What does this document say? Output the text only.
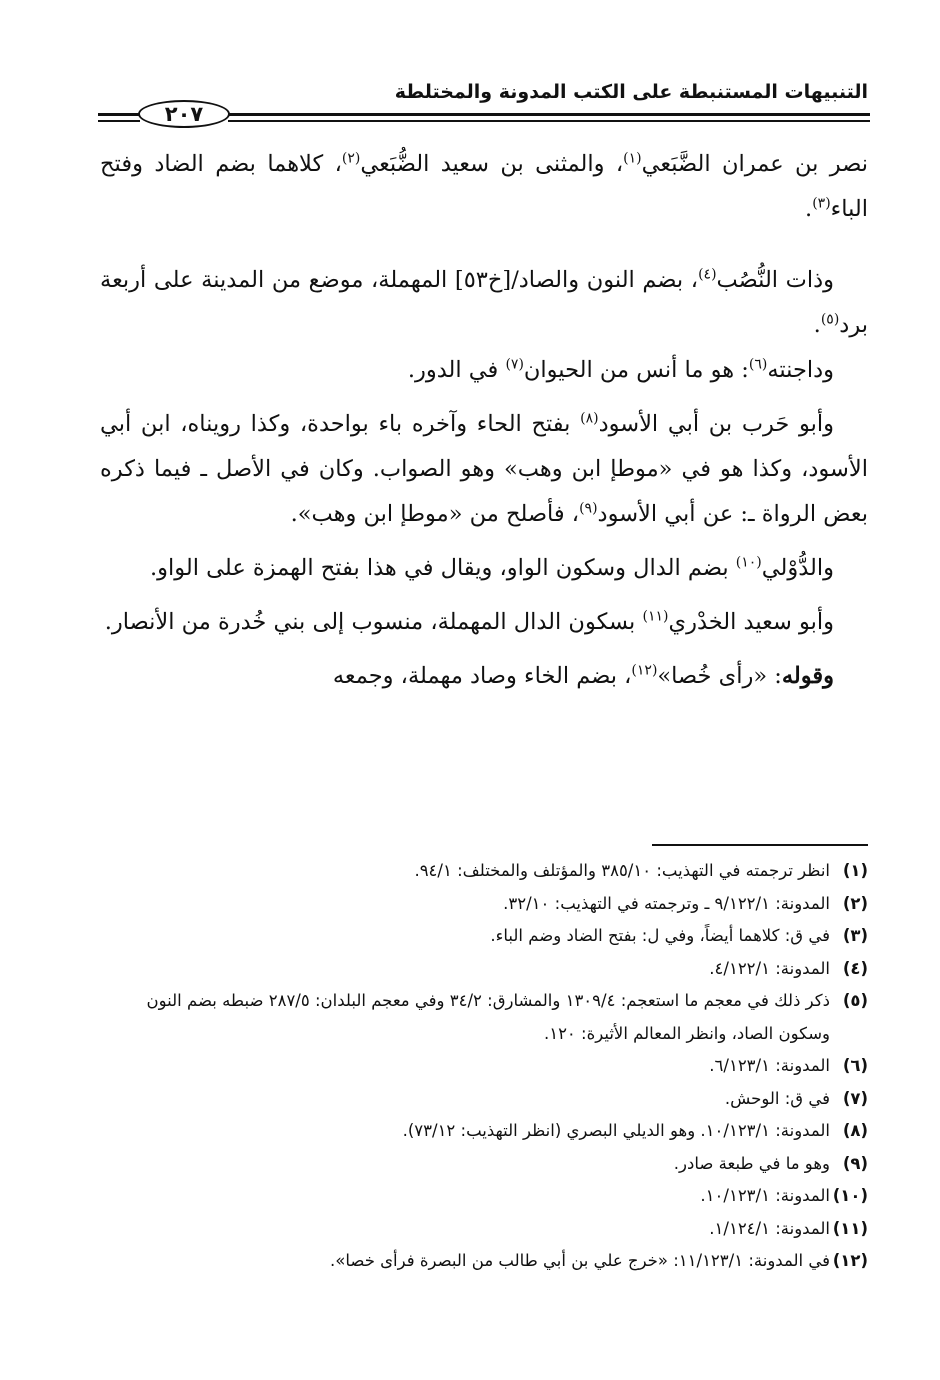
التنبيهات المستنبطة على الكتب المدونة والمختلطة
٢٠٧

نصر بن عمران الضَّبَعي$^{(١)}$، والمثنى بن سعيد الضُّبَعي$^{(٢)}$، كلاهما بضم الضاد وفتح الباء$^{(٣)}$.

وذات النُّصُب$^{(٤)}$، بضم النون والصاد/[خ٥٣] المهملة، موضع من المدينة على أربعة برد$^{(٥)}$.

وداجنته$^{(٦)}$: هو ما أنس من الحيوان$^{(٧)}$ في الدور.

وأبو حَرب بن أبي الأسود$^{(٨)}$ بفتح الحاء وآخره باء بواحدة، وكذا رويناه، ابن أبي الأسود، وكذا هو في «موطإ ابن وهب» وهو الصواب. وكان في الأصل ـ فيما ذكره بعض الرواة ـ: عن أبي الأسود$^{(٩)}$، فأصلح من «موطإ ابن وهب».

والدُّوْلي$^{(١٠)}$ بضم الدال وسكون الواو، ويقال في هذا بفتح الهمزة على الواو.

وأبو سعيد الخدْري$^{(١١)}$ بسكون الدال المهملة، منسوب إلى بني خُدرة من الأنصار.

وقوله: «رأى خُصا»$^{(١٢)}$، بضم الخاء وصاد مهملة، وجمعه

(١)
انظر ترجمته في التهذيب: ٣٨٥/١٠ والمؤتلف والمختلف: ٩٤/١.
(٢)
المدونة: ٩/١٢٢/١ ـ وترجمته في التهذيب: ٣٢/١٠.
(٣)
في ق: كلاهما أيضاً، وفي ل: بفتح الضاد وضم الباء.
(٤)
المدونة: ٤/١٢٢/١.
(٥)
ذكر ذلك في معجم ما استعجم: ١٣٠٩/٤ والمشارق: ٣٤/٢ وفي معجم البلدان: ٢٨٧/٥ ضبطه بضم النون وسكون الصاد، وانظر المعالم الأثيرة: ١٢٠.
(٦)
المدونة: ٦/١٢٣/١.
(٧)
في ق: الوحش.
(٨)
المدونة: ١٠/١٢٣/١. وهو الديلي البصري (انظر التهذيب: ٧٣/١٢).
(٩)
وهو ما في طبعة صادر.
(١٠)
المدونة: ١٠/١٢٣/١.
(١١)
المدونة: ١/١٢٤/١.
(١٢)
في المدونة: ١١/١٢٣/١: «خرج علي بن أبي طالب من البصرة فرأى خصا».
